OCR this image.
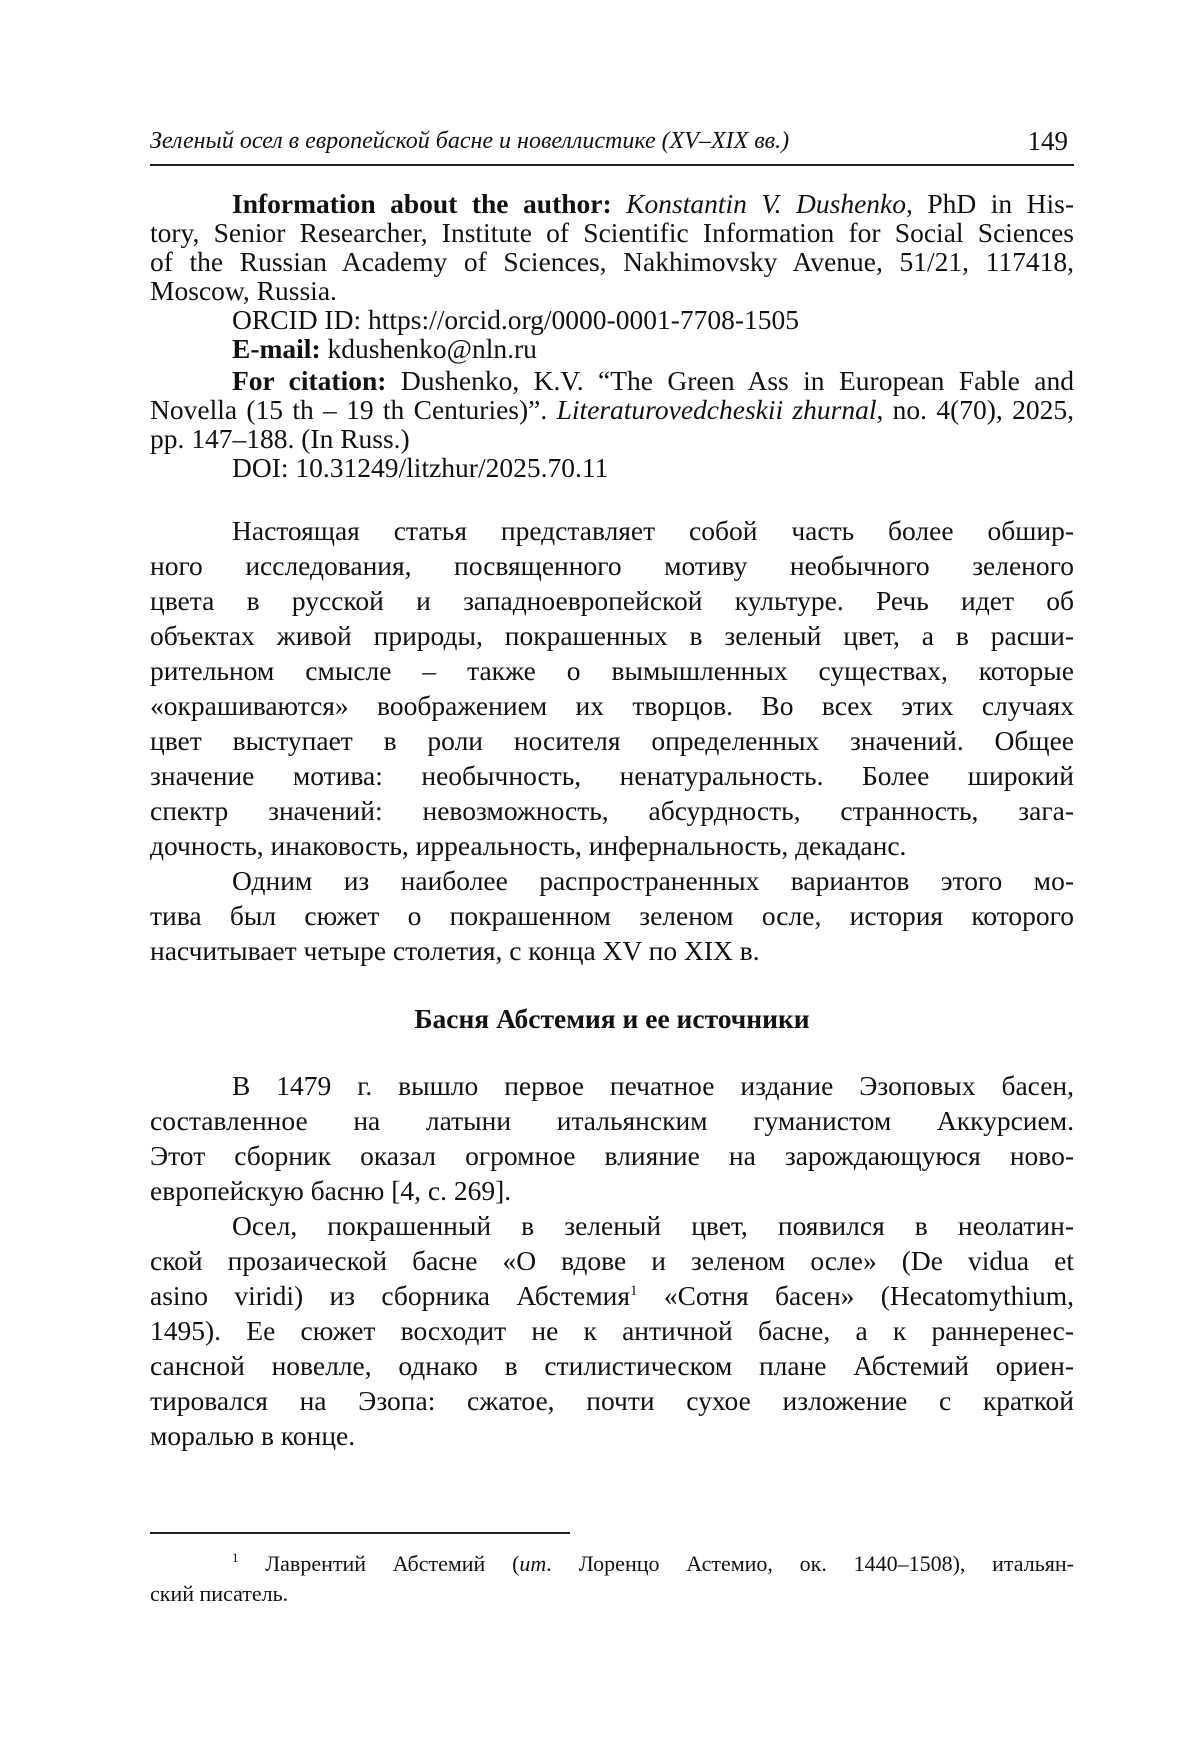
Зеленый осел в европейской басне и новеллистике (XV–XIX вв.)	149
Information about the author: Konstantin V. Dushenko, PhD in His-
tory, Senior Researcher, Institute of Scientific Information for Social Sciences
of the Russian Academy of Sciences, Nakhimovsky Avenue, 51/21, 117418,
Moscow, Russia.
ORCID ID: https://orcid.org/0000-0001-7708-1505
E-mail: kdushenko@nln.ru
For citation: Dushenko, K.V. “The Green Ass in European Fable and
Novella (15 th – 19 th Centuries)”. Literaturovedcheskii zhurnal, no. 4(70), 2025,
pp. 147–188. (In Russ.)
DOI: 10.31249/litzhur/2025.70.11
Настоящая статья представляет собой часть более обшир-
ного исследования, посвященного мотиву необычного зеленого
цвета в русской и западноевропейской культуре. Речь идет об
объектах живой природы, покрашенных в зеленый цвет, а в расши-
рительном смысле – также о вымышленных существах, которые
«окрашиваются» воображением их творцов. Во всех этих случаях
цвет выступает в роли носителя определенных значений. Общее
значение мотива: необычность, ненатуральность. Более широкий
спектр значений: невозможность, абсурдность, странность, зага-
дочность, инаковость, ирреальность, инфернальность, декаданс.
Одним из наиболее распространенных вариантов этого мо-
тива был сюжет о покрашенном зеленом осле, история которого
насчитывает четыре столетия, с конца XV по XIX в.
Басня Абстемия и ее источники
В 1479 г. вышло первое печатное издание Эзоповых басен,
составленное на латыни итальянским гуманистом Аккурсием.
Этот сборник оказал огромное влияние на зарождающуюся ново-
европейскую басню [4, с. 269].
Осел, покрашенный в зеленый цвет, появился в неолатин-
ской прозаической басне «О вдове и зеленом осле» (De vidua et
asino viridi) из сборника Абстемия$^1$ «Сотня басен» (Hecatomythium,
1495). Ее сюжет восходит не к античной басне, а к раннеренес-
сансной новелле, однако в стилистическом плане Абстемий ориен-
тировался на Эзопа: сжатое, почти сухое изложение с краткой
моралью в конце.
$^1$ Лаврентий Абстемий (ит. Лоренцо Астемио, ок. 1440–1508), итальян-
ский писатель.
